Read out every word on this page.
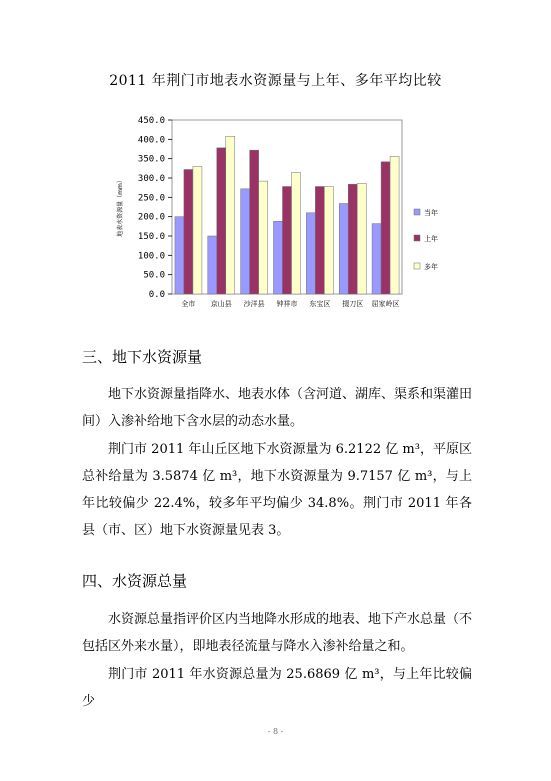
2011 年荆门市地表水资源量与上年、多年平均比较
0.0
50.0
100.0
150.0
200.0
250.0
300.0
350.0
400.0
450.0
地表水资源量（mm）
全市 京山县 沙洋县 钟祥市 东宝区 掇刀区 屈家岭区
当年
上年
多年
三、地下水资源量
地下水资源量指降水、地表水体（含河道、湖库、渠系和渠灌田间）入渗补给地下含水层的动态水量。
荆门市 2011 年山丘区地下水资源量为 6.2122 亿 m³，平原区总补给量为 3.5874 亿 m³，地下水资源量为 9.7157 亿 m³，与上年比较偏少 22.4%，较多年平均偏少 34.8%。荆门市 2011 年各县（市、区）地下水资源量见表 3。
四、水资源总量
水资源总量指评价区内当地降水形成的地表、地下产水总量（不包括区外来水量），即地表径流量与降水入渗补给量之和。
荆门市 2011 年水资源总量为 25.6869 亿 m³，与上年比较偏少
- 8 -
